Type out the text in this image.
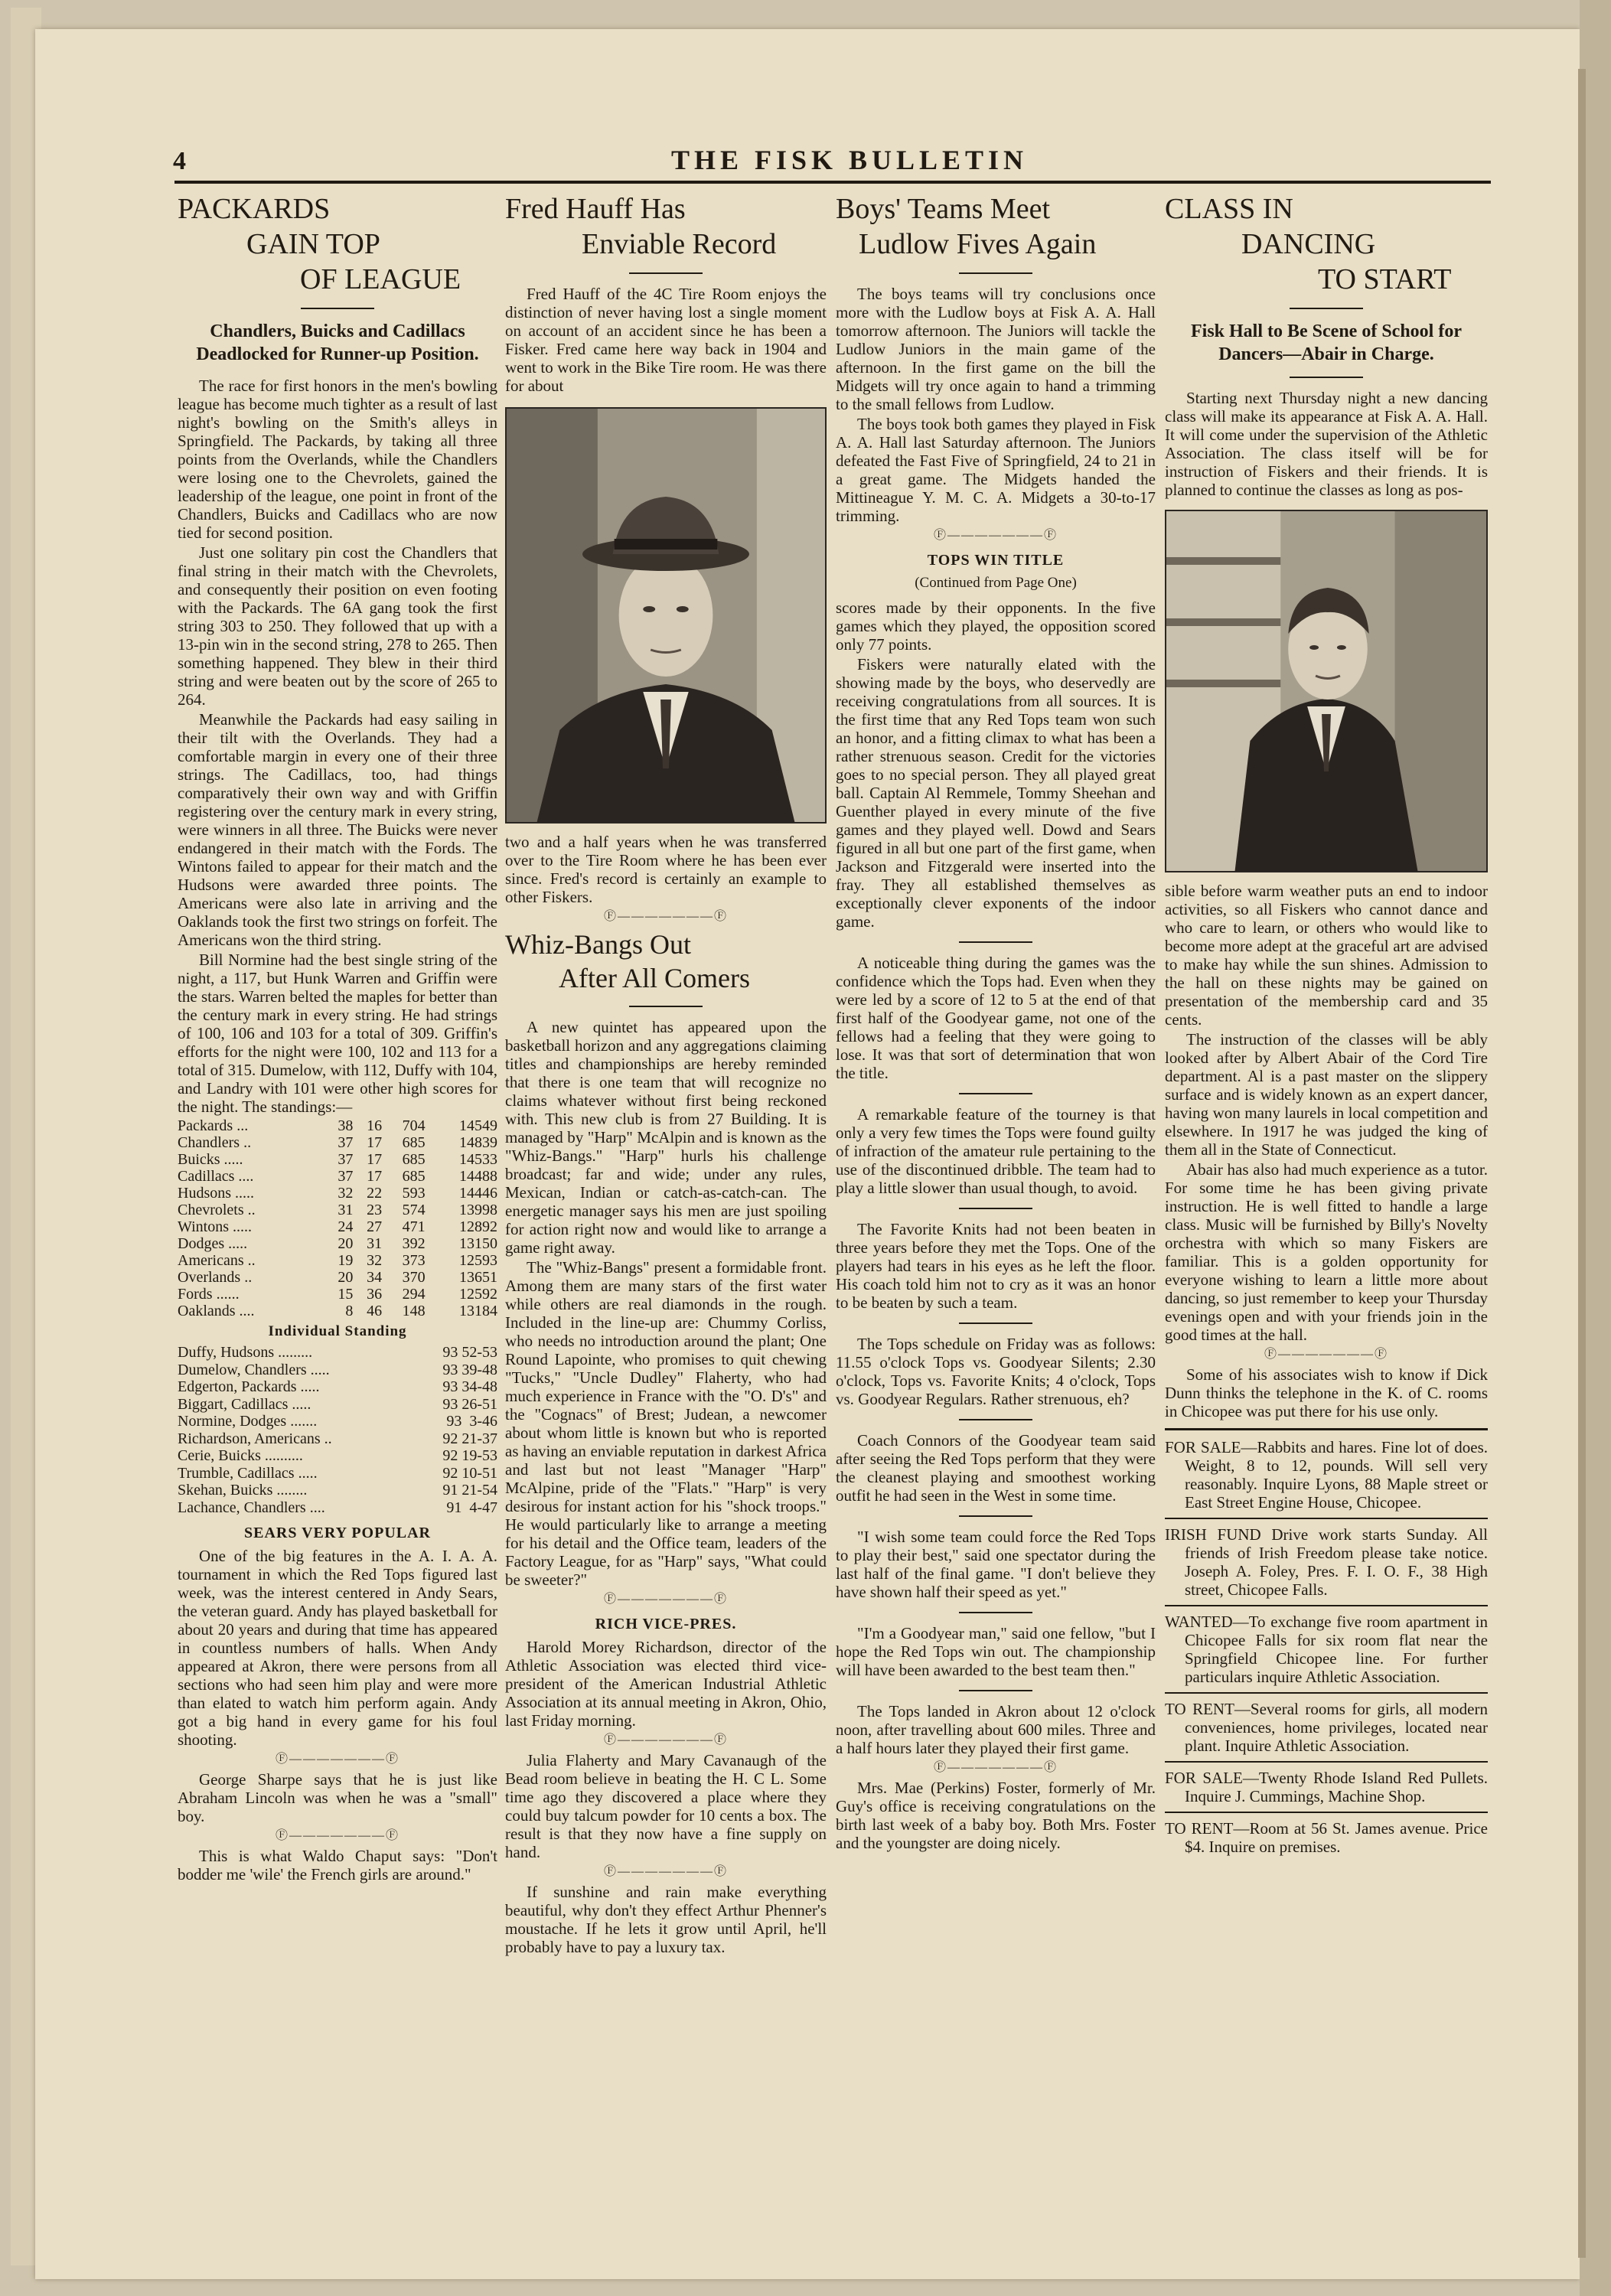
4	THE FISK BULLETIN
PACKARDS
GAIN TOP
OF LEAGUE
Chandlers, Buicks and Cadillacs Deadlocked for Runner-up Position.

The race for first honors in the men's bowling league has become much tighter as a result of last night's bowling on the Smith's alleys in Springfield. The Packards, by taking all three points from the Overlands, while the Chandlers were losing one to the Chevrolets, gained the leadership of the league, one point in front of the Chandlers, Buicks and Cadillacs who are now tied for second position.

Just one solitary pin cost the Chandlers that final string in their match with the Chevrolets, and consequently their position on even footing with the Packards. The 6A gang took the first string 303 to 250. They followed that up with a 13-pin win in the second string, 278 to 265. Then something happened. They blew in their third string and were beaten out by the score of 265 to 264.

Meanwhile the Packards had easy sailing in their tilt with the Overlands. They had a comfortable margin in every one of their three strings. The Cadillacs, too, had things comparatively their own way and with Griffin registering over the century mark in every string, were winners in all three. The Buicks were never endangered in their match with the Fords. The Wintons failed to appear for their match and the Hudsons were awarded three points. The Americans were also late in arriving and the Oaklands took the first two strings on forfeit. The Americans won the third string.

Bill Normine had the best single string of the night, a 117, but Hunk Warren and Griffin were the stars. Warren belted the maples for better than the century mark in every string. He had strings of 100, 106 and 103 for a total of 309. Griffin's efforts for the night were 100, 102 and 113 for a total of 315. Dumelow, with 112, Duffy with 104, and Landry with 101 were other high scores for the night. The standings:—

Packards ...	38	16	704	14549
Chandlers ..	37	17	685	14839
Buicks .....	37	17	685	14533
Cadillacs ....	37	17	685	14488
Hudsons .....	32	22	593	14446
Chevrolets ..	31	23	574	13998
Wintons .....	24	27	471	12892
Dodges .....	20	31	392	13150
Americans ..	19	32	373	12593
Overlands ..	20	34	370	13651
Fords ......	15	36	294	12592
Oaklands ....	8	46	148	13184
Individual Standing
Duffy, Hudsons .........	93 52-53
Dumelow, Chandlers .....	93 39-48
Edgerton, Packards .....	93 34-48
Biggart, Cadillacs .....	93 26-51
Normine, Dodges .......	93  3-46
Richardson, Americans ..	92 21-37
Cerie, Buicks ..........	92 19-53
Trumble, Cadillacs .....	92 10-51
Skehan, Buicks ........	91 21-54
Lachance, Chandlers ....	91  4-47
SEARS VERY POPULAR

One of the big features in the A. I. A. A. tournament in which the Red Tops figured last week, was the interest centered in Andy Sears, the veteran guard. Andy has played basketball for about 20 years and during that time has appeared in countless numbers of halls. When Andy appeared at Akron, there were persons from all sections who had seen him play and were more than elated to watch him perform again. Andy got a big hand in every game for his foul shooting.

Ⓕ———————Ⓕ

George Sharpe says that he is just like Abraham Lincoln was when he was a "small" boy.

Ⓕ———————Ⓕ

This is what Waldo Chaput says: "Don't bodder me 'wile' the French girls are around."

Fred Hauff Has
Enviable Record

Fred Hauff of the 4C Tire Room enjoys the distinction of never having lost a single moment on account of an accident since he has been a Fisker. Fred came here way back in 1904 and went to work in the Bike Tire room. He was there for about

two and a half years when he was transferred over to the Tire Room where he has been ever since. Fred's record is certainly an example to other Fiskers.

Ⓕ———————Ⓕ
Whiz-Bangs Out
After All Comers

A new quintet has appeared upon the basketball horizon and any aggregations claiming titles and championships are hereby reminded that there is one team that will recognize no claims whatever without first being reckoned with. This new club is from 27 Building. It is managed by "Harp" McAlpin and is known as the "Whiz-Bangs." "Harp" hurls his challenge broadcast; far and wide; under any rules, Mexican, Indian or catch-as-catch-can. The energetic manager says his men are just spoiling for action right now and would like to arrange a game right away.

The "Whiz-Bangs" present a formidable front. Among them are many stars of the first water while others are real diamonds in the rough. Included in the line-up are: Chummy Corliss, who needs no introduction around the plant; One Round Lapointe, who promises to quit chewing "Tucks," "Uncle Dudley" Flaherty, who had much experience in France with the "O. D's" and the "Cognacs" of Brest; Judean, a newcomer about whom little is known but who is reported as having an enviable reputation in darkest Africa and last but not least "Manager "Harp" McAlpine, pride of the "Flats." "Harp" is very desirous for instant action for his "shock troops." He would particularly like to arrange a meeting for his detail and the Office team, leaders of the Factory League, for as "Harp" says, "What could be sweeter?"

Ⓕ———————Ⓕ
RICH VICE-PRES.

Harold Morey Richardson, director of the Athletic Association was elected third vice-president of the American Industrial Athletic Association at its annual meeting in Akron, Ohio, last Friday morning.

Ⓕ———————Ⓕ

Julia Flaherty and Mary Cavanaugh of the Bead room believe in beating the H. C L. Some time ago they discovered a place where they could buy talcum powder for 10 cents a box. The result is that they now have a fine supply on hand.

Ⓕ———————Ⓕ

If sunshine and rain make everything beautiful, why don't they effect Arthur Phenner's moustache. If he lets it grow until April, he'll probably have to pay a luxury tax.

Boys' Teams Meet
Ludlow Fives Again

The boys teams will try conclusions once more with the Ludlow boys at Fisk A. A. Hall tomorrow afternoon. The Juniors will tackle the Ludlow Juniors in the main game of the afternoon. In the first game on the bill the Midgets will try once again to hand a trimming to the small fellows from Ludlow.

The boys took both games they played in Fisk A. A. Hall last Saturday afternoon. The Juniors defeated the Fast Five of Springfield, 24 to 21 in a great game. The Midgets handed the Mittineague Y. M. C. A. Midgets a 30-to-17 trimming.

Ⓕ———————Ⓕ
TOPS WIN TITLE
(Continued from Page One)

scores made by their opponents. In the five games which they played, the opposition scored only 77 points.

Fiskers were naturally elated with the showing made by the boys, who deservedly are receiving congratulations from all sources. It is the first time that any Red Tops team won such an honor, and a fitting climax to what has been a rather strenuous season. Credit for the victories goes to no special person. They all played great ball. Captain Al Remmele, Tommy Sheehan and Guenther played in every minute of the five games and they played well. Dowd and Sears figured in all but one part of the first game, when Jackson and Fitzgerald were inserted into the fray. They all established themselves as exceptionally clever exponents of the indoor game.

A noticeable thing during the games was the confidence which the Tops had. Even when they were led by a score of 12 to 5 at the end of that first half of the Goodyear game, not one of the fellows had a feeling that they were going to lose. It was that sort of determination that won the title.

A remarkable feature of the tourney is that only a very few times the Tops were found guilty of infraction of the amateur rule pertaining to the use of the discontinued dribble. The team had to play a little slower than usual though, to avoid.

The Favorite Knits had not been beaten in three years before they met the Tops. One of the players had tears in his eyes as he left the floor. His coach told him not to cry as it was an honor to be beaten by such a team.

The Tops schedule on Friday was as follows: 11.55 o'clock Tops vs. Goodyear Silents; 2.30 o'clock, Tops vs. Favorite Knits; 4 o'clock, Tops vs. Goodyear Regulars. Rather strenuous, eh?

Coach Connors of the Goodyear team said after seeing the Red Tops perform that they were the cleanest playing and smoothest working outfit he had seen in the West in some time.

"I wish some team could force the Red Tops to play their best," said one spectator during the last half of the final game. "I don't believe they have shown half their speed as yet."

"I'm a Goodyear man," said one fellow, "but I hope the Red Tops win out. The championship will have been awarded to the best team then."

The Tops landed in Akron about 12 o'clock noon, after travelling about 600 miles. Three and a half hours later they played their first game.

Ⓕ———————Ⓕ

Mrs. Mae (Perkins) Foster, formerly of Mr. Guy's office is receiving congratulations on the birth last week of a baby boy. Both Mrs. Foster and the youngster are doing nicely.

CLASS IN
DANCING
TO START
Fisk Hall to Be Scene of School for Dancers—Abair in Charge.

Starting next Thursday night a new dancing class will make its appearance at Fisk A. A. Hall. It will come under the supervision of the Athletic Association. The class itself will be for instruction of Fiskers and their friends. It is planned to continue the classes as long as pos-

sible before warm weather puts an end to indoor activities, so all Fiskers who cannot dance and who care to learn, or others who would like to become more adept at the graceful art are advised to make hay while the sun shines. Admission to the hall on these nights may be gained on presentation of the membership card and 35 cents.

The instruction of the classes will be ably looked after by Albert Abair of the Cord Tire department. Al is a past master on the slippery surface and is widely known as an expert dancer, having won many laurels in local competition and elsewhere. In 1917 he was judged the king of them all in the State of Connecticut.

Abair has also had much experience as a tutor. For some time he has been giving private instruction. He is well fitted to handle a large class. Music will be furnished by Billy's Novelty orchestra with which so many Fiskers are familiar. This is a golden opportunity for everyone wishing to learn a little more about dancing, so just remember to keep your Thursday evenings open and with your friends join in the good times at the hall.

Ⓕ———————Ⓕ

Some of his associates wish to know if Dick Dunn thinks the telephone in the K. of C. rooms in Chicopee was put there for his use only.

FOR SALE—Rabbits and hares. Fine lot of does. Weight, 8 to 12, pounds. Will sell very reasonably. Inquire Lyons, 88 Maple street or East Street Engine House, Chicopee.

IRISH FUND Drive work starts Sunday. All friends of Irish Freedom please take notice. Joseph A. Foley, Pres. F. I. O. F., 38 High street, Chicopee Falls.

WANTED—To exchange five room apartment in Chicopee Falls for six room flat near the Springfield Chicopee line. For further particulars inquire Athletic Association.

TO RENT—Several rooms for girls, all modern conveniences, home privileges, located near plant. Inquire Athletic Association.

FOR SALE—Twenty Rhode Island Red Pullets. Inquire J. Cummings, Machine Shop.

TO RENT—Room at 56 St. James avenue. Price $4. Inquire on premises.
